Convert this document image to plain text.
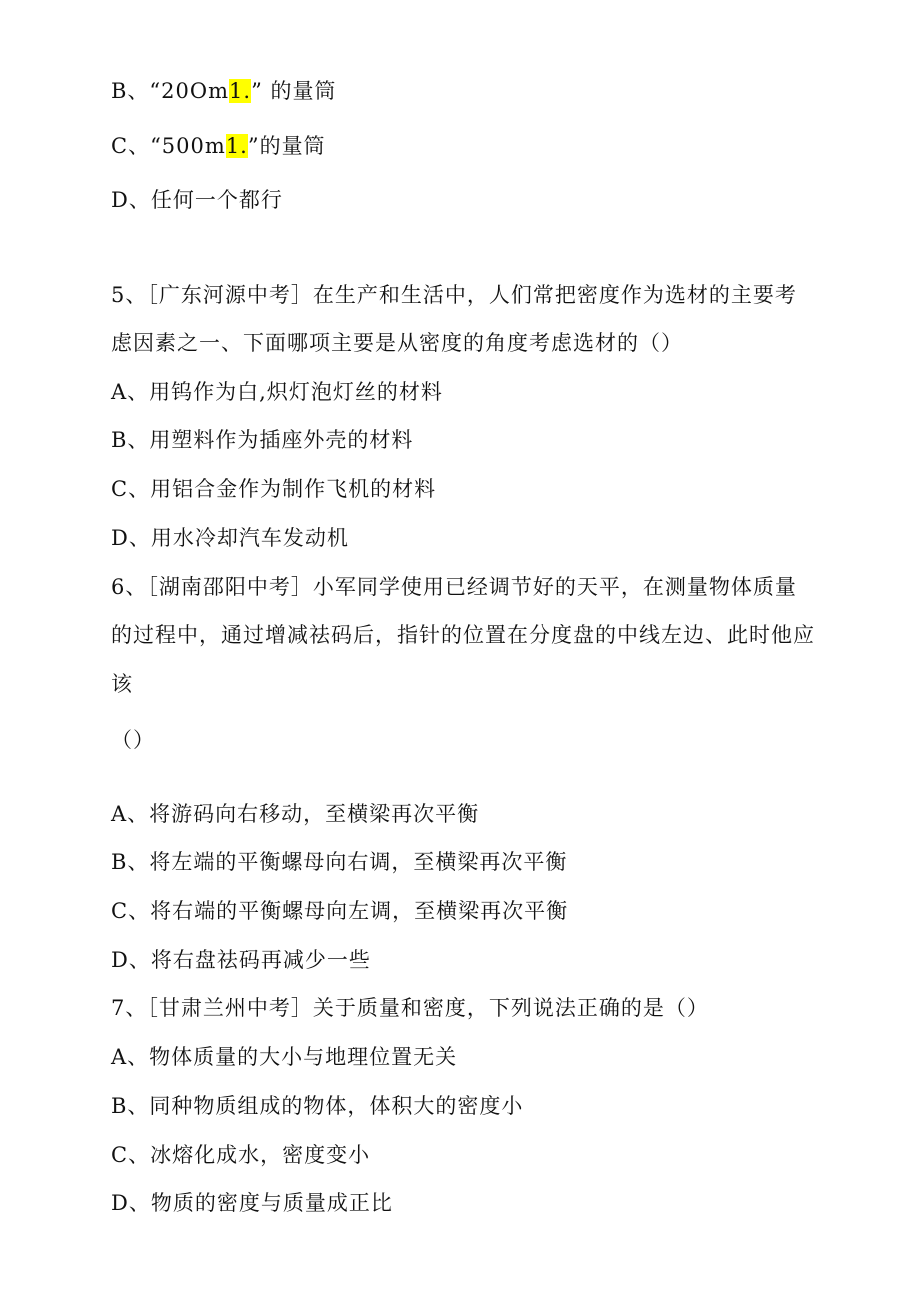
B、“20Om1.” 的量筒
C、“500m1.”的量筒
D、任何一个都行
5、［广东河源中考］在生产和生活中，人们常把密度作为选材的主要考
虑因素之一、下面哪项主要是从密度的角度考虑选材的（）
A、用钨作为白,炽灯泡灯丝的材料
B、用塑料作为插座外壳的材料
C、用铝合金作为制作飞机的材料
D、用水冷却汽车发动机
6、［湖南邵阳中考］小军同学使用已经调节好的天平，在测量物体质量
的过程中，通过增减祛码后，指针的位置在分度盘的中线左边、此时他应
该
（）
A、将游码向右移动，至横梁再次平衡
B、将左端的平衡螺母向右调，至横梁再次平衡
C、将右端的平衡螺母向左调，至横梁再次平衡
D、将右盘祛码再减少一些
7、［甘肃兰州中考］关于质量和密度，下列说法正确的是（）
A、物体质量的大小与地理位置无关
B、同种物质组成的物体，体积大的密度小
C、冰熔化成水，密度变小
D、物质的密度与质量成正比
